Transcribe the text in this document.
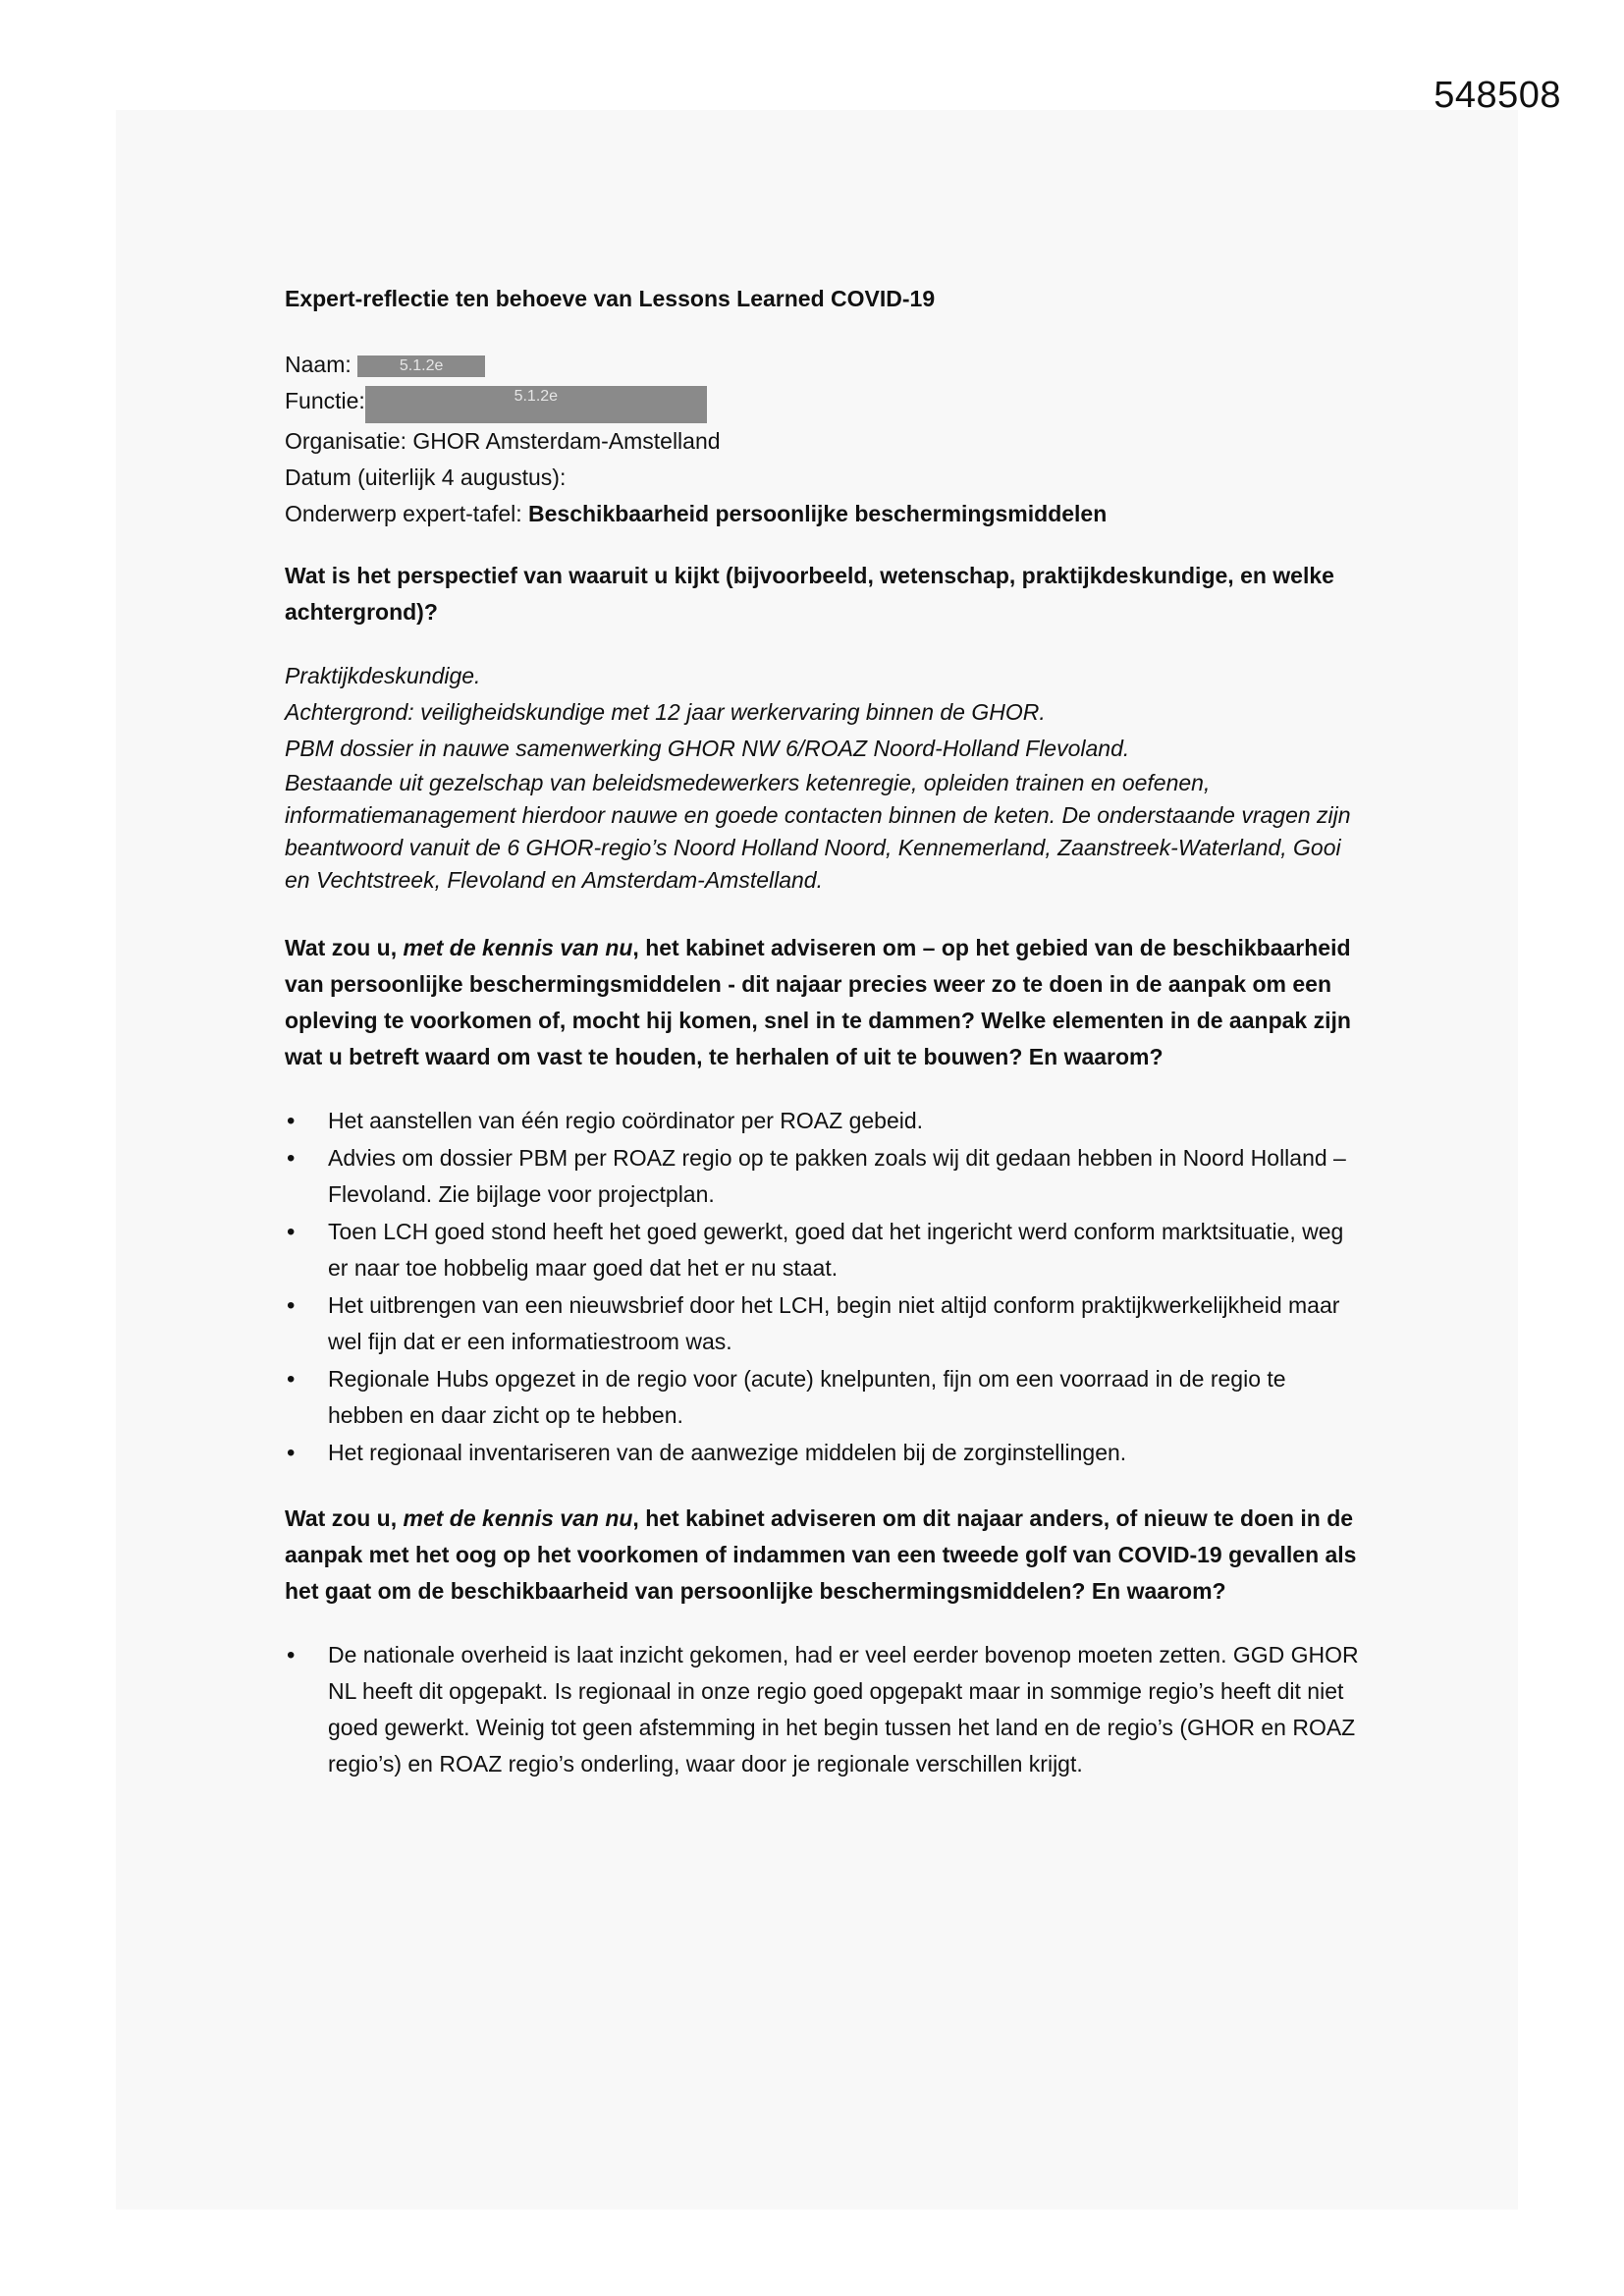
548508

Expert-reflectie ten behoeve van Lessons Learned COVID-19

Naam:	5.1.2e

Functie:	5.1.2e

Organisatie: GHOR Amsterdam-Amstelland

Datum (uiterlijk 4 augustus):

Onderwerp expert-tafel: Beschikbaarheid persoonlijke beschermingsmiddelen

Wat is het perspectief van waaruit u kijkt (bijvoorbeeld, wetenschap, praktijkdeskundige, en welke achtergrond)?

Praktijkdeskundige.

Achtergrond: veiligheidskundige met 12 jaar werkervaring binnen de GHOR.

PBM dossier in nauwe samenwerking GHOR NW 6/ROAZ Noord-Holland Flevoland.

Bestaande uit gezelschap van beleidsmedewerkers ketenregie, opleiden trainen en oefenen, informatiemanagement hierdoor nauwe en goede contacten binnen de keten. De onderstaande vragen zijn beantwoord vanuit de 6 GHOR-regio’s Noord Holland Noord, Kennemerland, Zaanstreek-Waterland, Gooi en Vechtstreek, Flevoland en Amsterdam-Amstelland.

Wat zou u, met de kennis van nu, het kabinet adviseren om – op het gebied van de beschikbaarheid van persoonlijke beschermingsmiddelen - dit najaar precies weer zo te doen in de aanpak om een opleving te voorkomen of, mocht hij komen, snel in te dammen? Welke elementen in de aanpak zijn wat u betreft waard om vast te houden, te herhalen of uit te bouwen? En waarom?

• Het aanstellen van één regio coördinator per ROAZ gebeid.
• Advies om dossier PBM per ROAZ regio op te pakken zoals wij dit gedaan hebben in Noord Holland – Flevoland. Zie bijlage voor projectplan.
• Toen LCH goed stond heeft het goed gewerkt, goed dat het ingericht werd conform marktsituatie, weg er naar toe hobbelig maar goed dat het er nu staat.
• Het uitbrengen van een nieuwsbrief door het LCH, begin niet altijd conform praktijkwerkelijkheid maar wel fijn dat er een informatiestroom was.
• Regionale Hubs opgezet in de regio voor (acute) knelpunten, fijn om een voorraad in de regio te hebben en daar zicht op te hebben.
• Het regionaal inventariseren van de aanwezige middelen bij de zorginstellingen.

Wat zou u, met de kennis van nu, het kabinet adviseren om dit najaar anders, of nieuw te doen in de aanpak met het oog op het voorkomen of indammen van een tweede golf van COVID-19 gevallen als het gaat om de beschikbaarheid van persoonlijke beschermingsmiddelen? En waarom?

• De nationale overheid is laat inzicht gekomen, had er veel eerder bovenop moeten zetten. GGD GHOR NL heeft dit opgepakt. Is regionaal in onze regio goed opgepakt maar in sommige regio’s heeft dit niet goed gewerkt. Weinig tot geen afstemming in het begin tussen het land en de regio’s (GHOR en ROAZ regio’s) en ROAZ regio’s onderling, waar door je regionale verschillen krijgt.
